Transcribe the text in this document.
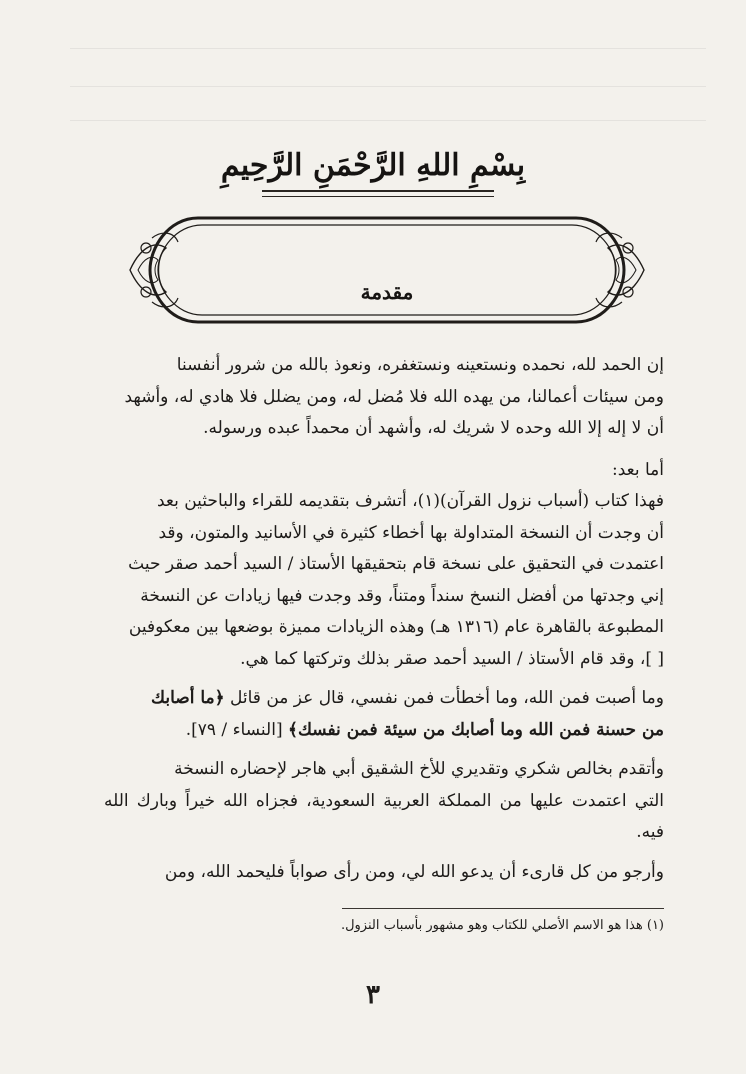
بِسْمِ اللهِ الرَّحْمَنِ الرَّحِيمِ
مقدمة

إن الحمد لله، نحمده ونستعينه ونستغفره، ونعوذ بالله من شرور أنفسنا

ومن سيئات أعمالنا، من يهده الله فلا مُضل له، ومن يضلل فلا هادي له، وأشهد

أن لا إله إلا الله وحده لا شريك له، وأشهد أن محمداً عبده ورسوله.

أما بعد:

فهذا كتاب (أسباب نزول القرآن)(١)، أتشرف بتقديمه للقراء والباحثين بعد

أن وجدت أن النسخة المتداولة بها أخطاء كثيرة في الأسانيد والمتون، وقد

اعتمدت في التحقيق على نسخة قام بتحقيقها الأستاذ / السيد أحمد صقر حيث

إني وجدتها من أفضل النسخ سنداً ومتناً، وقد وجدت فيها زيادات عن النسخة

المطبوعة بالقاهرة عام (١٣١٦ هـ) وهذه الزيادات مميزة بوضعها بين معكوفين

[ ]، وقد قام الأستاذ / السيد أحمد صقر بذلك وتركتها كما هي.

وما أصبت فمن الله، وما أخطأت فمن نفسي، قال عز من قائل ﴿ما أصابك

من حسنة فمن الله وما أصابك من سيئة فمن نفسك﴾ [النساء / ٧٩].

وأتقدم بخالص شكري وتقديري للأخ الشقيق أبي هاجر لإحضاره النسخة

التي اعتمدت عليها من المملكة العربية السعودية، فجزاه الله خيراً وبارك الله فيه.

وأرجو من كل قارىء أن يدعو الله لي، ومن رأى صواباً فليحمد الله، ومن

(١) هذا هو الاسم الأصلي للكتاب وهو مشهور بأسباب النزول.
٣
